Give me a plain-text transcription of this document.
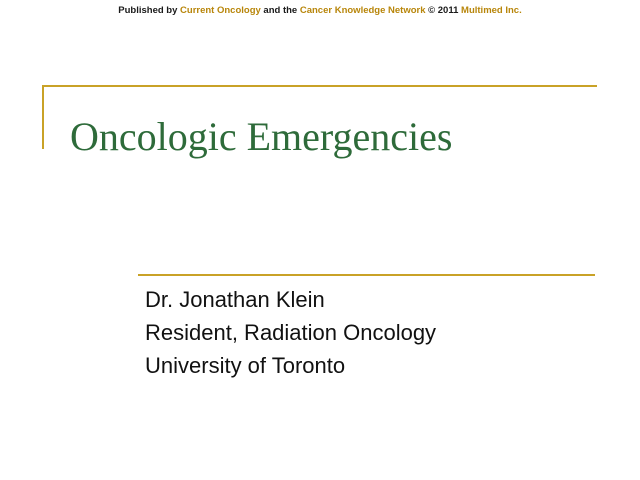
Published by Current Oncology and the Cancer Knowledge Network © 2011 Multimed Inc.
Oncologic Emergencies
Dr. Jonathan Klein
Resident, Radiation Oncology
University of Toronto
